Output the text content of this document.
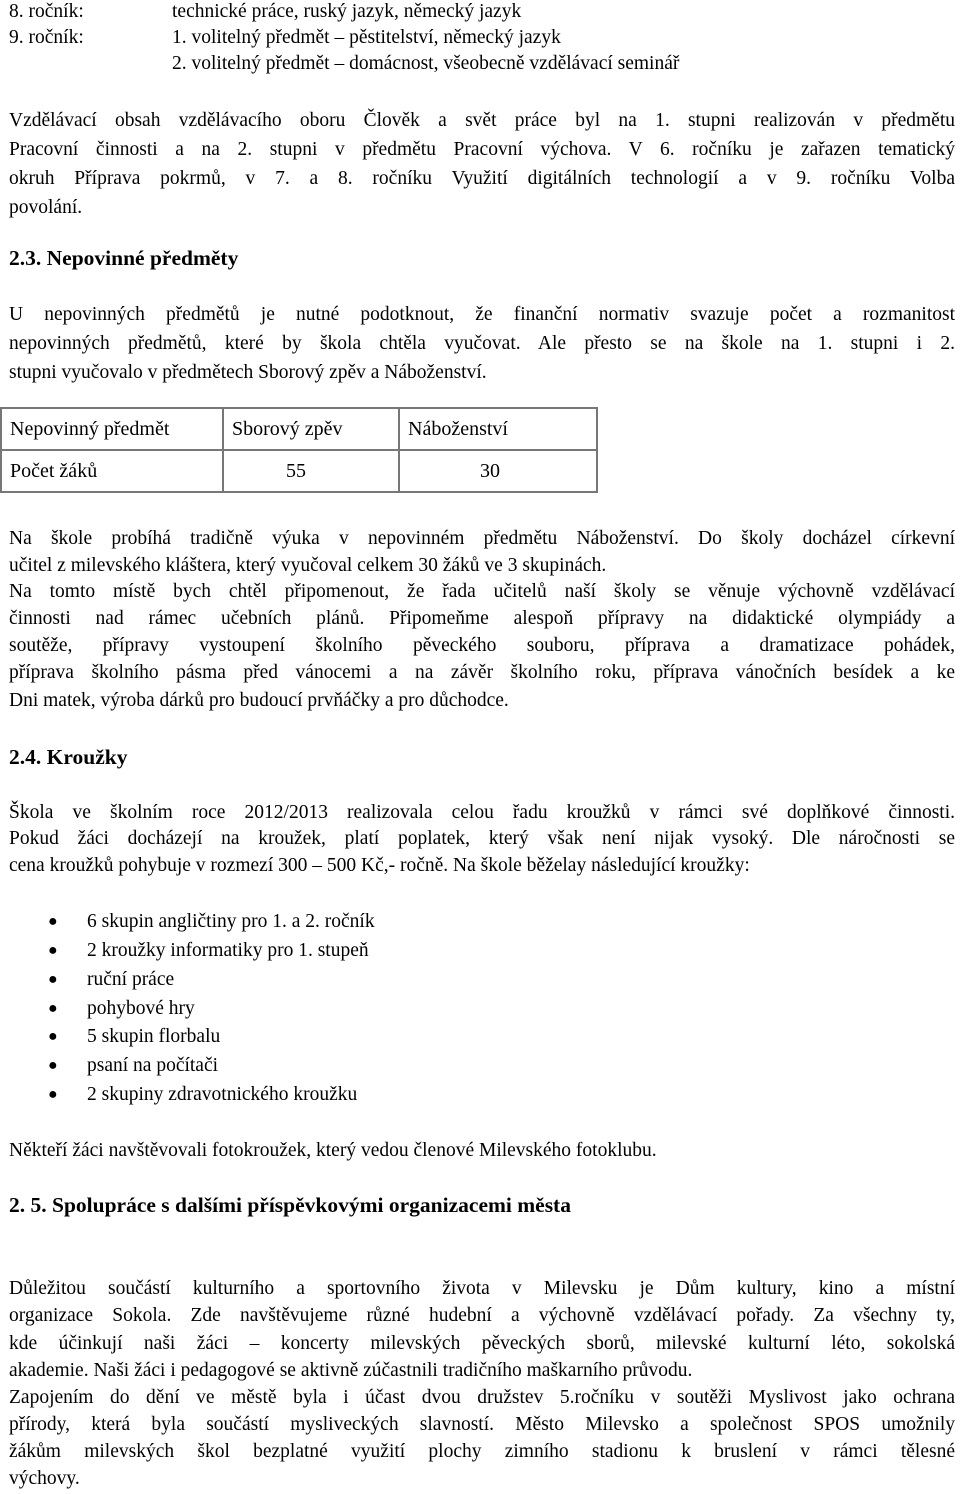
8. ročník:	technické práce, ruský jazyk, německý jazyk
9. ročník:	1. volitelný předmět – pěstitelství, německý jazyk
2. volitelný předmět – domácnost, všeobecně vzdělávací seminář
Vzdělávací obsah vzdělávacího oboru Člověk a svět práce byl na 1. stupni realizován v předmětu
Pracovní činnosti a na 2. stupni v předmětu Pracovní výchova. V 6. ročníku je zařazen tematický
okruh Příprava pokrmů, v 7. a 8. ročníku Využití digitálních technologií a v 9. ročníku Volba
povolání.
2.3. Nepovinné předměty
U nepovinných předmětů je nutné podotknout, že finanční normativ svazuje počet a rozmanitost
nepovinných předmětů, které by škola chtěla vyučovat. Ale přesto se na škole na 1. stupni i 2.
stupni vyučovalo v předmětech Sborový zpěv a Náboženství.
Nepovinný předmět	Sborový zpěv	Náboženství
Počet žáků	55	30
Na škole probíhá tradičně výuka v nepovinném předmětu Náboženství. Do školy docházel církevní
učitel z milevského kláštera, který vyučoval celkem 30 žáků ve 3 skupinách.
Na tomto místě bych chtěl připomenout, že řada učitelů naší školy se věnuje výchovně vzdělávací
činnosti nad rámec učebních plánů. Připomeňme alespoň přípravy na didaktické olympiády a
soutěže, přípravy vystoupení školního pěveckého souboru, příprava a dramatizace pohádek,
příprava školního pásma před vánocemi a na závěr školního roku, příprava vánočních besídek a ke
Dni matek, výroba dárků pro budoucí prvňáčky a pro důchodce.
2.4. Kroužky
Škola ve školním roce 2012/2013 realizovala celou řadu kroužků v rámci své doplňkové činnosti.
Pokud žáci docházejí na kroužek, platí poplatek, který však není nijak vysoký. Dle náročnosti se
cena kroužků pohybuje v rozmezí 300 – 500 Kč,- ročně. Na škole běželay následující kroužky:
● 6 skupin angličtiny pro 1. a 2. ročník
● 2 kroužky informatiky pro 1. stupeň
● ruční práce
● pohybové hry
● 5 skupin florbalu
● psaní na počítači
● 2 skupiny zdravotnického kroužku
Někteří žáci navštěvovali fotokroužek, který vedou členové Milevského fotoklubu.
2. 5. Spolupráce s dalšími příspěvkovými organizacemi města
Důležitou součástí kulturního a sportovního života v Milevsku je Dům kultury, kino a místní
organizace Sokola. Zde navštěvujeme různé hudební a výchovně vzdělávací pořady. Za všechny ty,
kde účinkují naši žáci – koncerty milevských pěveckých sborů, milevské kulturní léto, sokolská
akademie. Naši žáci i pedagogové se aktivně zúčastnili tradičního maškarního průvodu.
Zapojením do dění ve městě byla i účast dvou družstev 5.ročníku v soutěži Myslivost jako ochrana
přírody, která byla součástí mysliveckých slavností. Město Milevsko a společnost SPOS umožnily
žákům milevských škol bezplatné využití plochy zimního stadionu k bruslení v rámci tělesné
výchovy.
